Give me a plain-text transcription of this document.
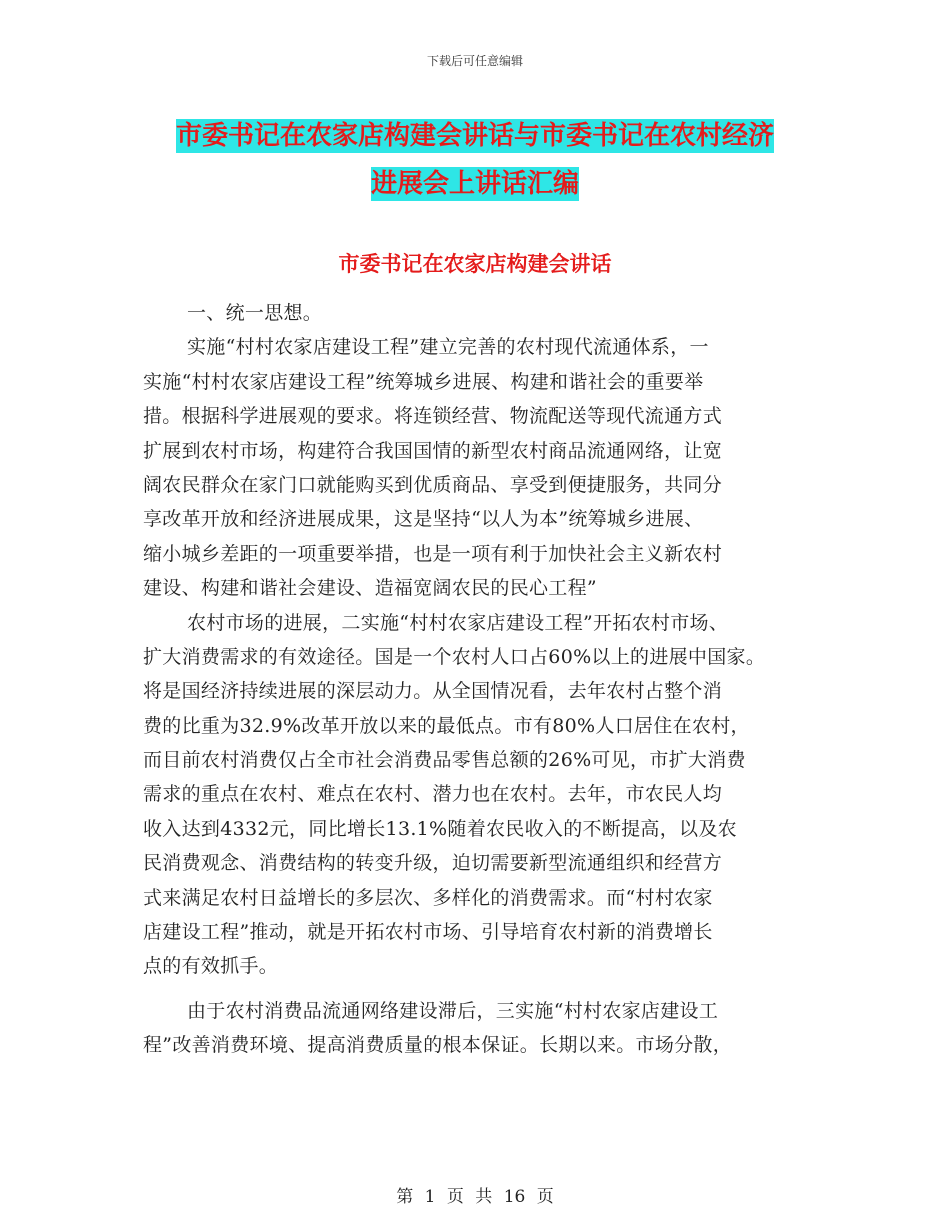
下载后可任意编辑
市委书记在农家店构建会讲话与市委书记在农村经济
进展会上讲话汇编
市委书记在农家店构建会讲话
一、统一思想。
实施“村村农家店建设工程”建立完善的农村现代流通体系，一
实施“村村农家店建设工程”统筹城乡进展、构建和谐社会的重要举
措。根据科学进展观的要求。将连锁经营、物流配送等现代流通方式
扩展到农村市场，构建符合我国国情的新型农村商品流通网络，让宽
阔农民群众在家门口就能购买到优质商品、享受到便捷服务，共同分
享改革开放和经济进展成果，这是坚持“以人为本”统筹城乡进展、
缩小城乡差距的一项重要举措，也是一项有利于加快社会主义新农村
建设、构建和谐社会建设、造福宽阔农民的民心工程”
农村市场的进展，二实施“村村农家店建设工程”开拓农村市场、
扩大消费需求的有效途径。国是一个农村人口占60%以上的进展中国家。
将是国经济持续进展的深层动力。从全国情况看，去年农村占整个消
费的比重为32.9%改革开放以来的最低点。市有80%人口居住在农村，
而目前农村消费仅占全市社会消费品零售总额的26%可见，市扩大消费
需求的重点在农村、难点在农村、潜力也在农村。去年，市农民人均
收入达到4332元，同比增长13.1%随着农民收入的不断提高，以及农
民消费观念、消费结构的转变升级，迫切需要新型流通组织和经营方
式来满足农村日益增长的多层次、多样化的消费需求。而“村村农家
店建设工程”推动，就是开拓农村市场、引导培育农村新的消费增长
点的有效抓手。
由于农村消费品流通网络建设滞后，三实施“村村农家店建设工
程”改善消费环境、提高消费质量的根本保证。长期以来。市场分散，
第 1 页 共 16 页
